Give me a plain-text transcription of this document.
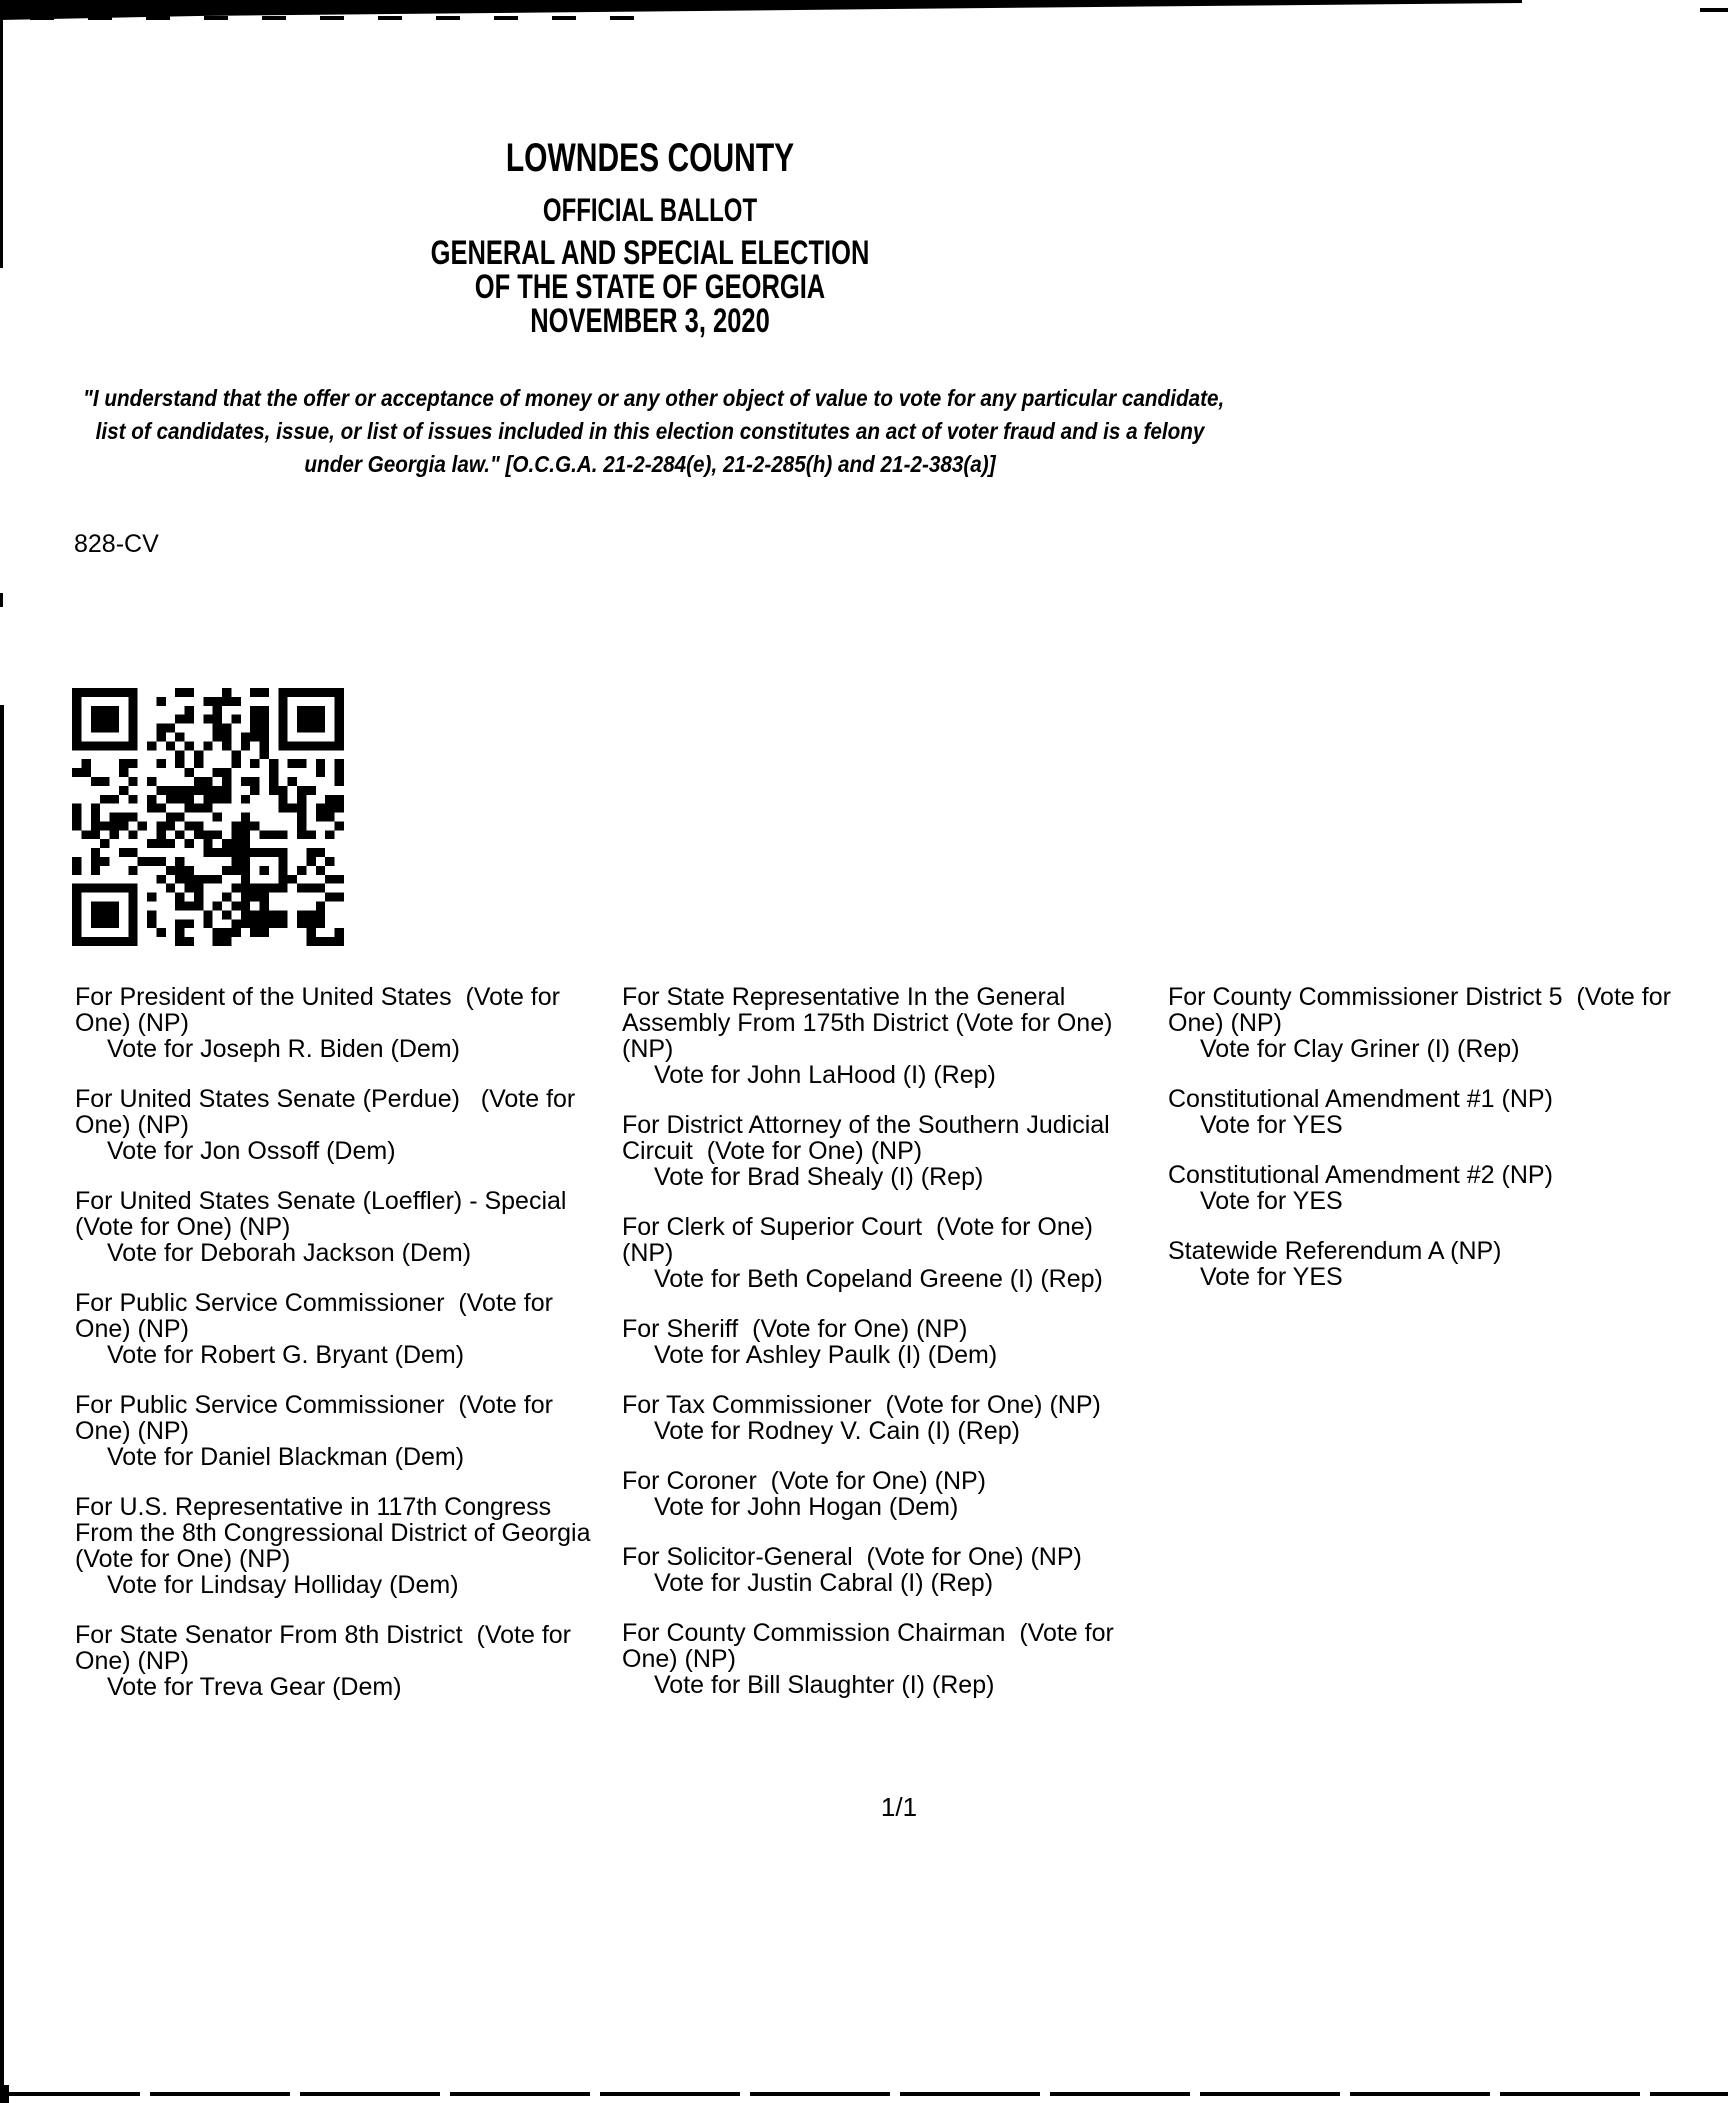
LOWNDES COUNTY
OFFICIAL BALLOT
GENERAL AND SPECIAL ELECTION
OF THE STATE OF GEORGIA
NOVEMBER 3, 2020
"I understand that the offer or acceptance of money or any other object of value to vote for any particular candidate,
list of candidates, issue, or list of issues included in this election constitutes an act of voter fraud and is a felony
under Georgia law." [O.C.G.A. 21-2-284(e), 21-2-285(h) and 21-2-383(a)]
828-CV
For President of the United States  (Vote for One) (NP)
Vote for Joseph R. Biden (Dem)
For United States Senate (Perdue)   (Vote for One) (NP)
Vote for Jon Ossoff (Dem)
For United States Senate (Loeffler) - Special  (Vote for One) (NP)
Vote for Deborah Jackson (Dem)
For Public Service Commissioner  (Vote for One) (NP)
Vote for Robert G. Bryant (Dem)
For Public Service Commissioner  (Vote for One) (NP)
Vote for Daniel Blackman (Dem)
For U.S. Representative in 117th Congress From the 8th Congressional District of Georgia (Vote for One) (NP)
Vote for Lindsay Holliday (Dem)
For State Senator From 8th District  (Vote for One) (NP)
Vote for Treva Gear (Dem)
For State Representative In the General Assembly From 175th District (Vote for One) (NP)
Vote for John LaHood (I) (Rep)
For District Attorney of the Southern Judicial Circuit  (Vote for One) (NP)
Vote for Brad Shealy (I) (Rep)
For Clerk of Superior Court  (Vote for One) (NP)
Vote for Beth Copeland Greene (I) (Rep)
For Sheriff  (Vote for One) (NP)
Vote for Ashley Paulk (I) (Dem)
For Tax Commissioner  (Vote for One) (NP)
Vote for Rodney V. Cain (I) (Rep)
For Coroner  (Vote for One) (NP)
Vote for John Hogan (Dem)
For Solicitor-General  (Vote for One) (NP)
Vote for Justin Cabral (I) (Rep)
For County Commission Chairman  (Vote for One) (NP)
Vote for Bill Slaughter (I) (Rep)
For County Commissioner District 5  (Vote for One) (NP)
Vote for Clay Griner (I) (Rep)
Constitutional Amendment #1 (NP)
Vote for YES
Constitutional Amendment #2 (NP)
Vote for YES
Statewide Referendum A (NP)
Vote for YES
1/1
